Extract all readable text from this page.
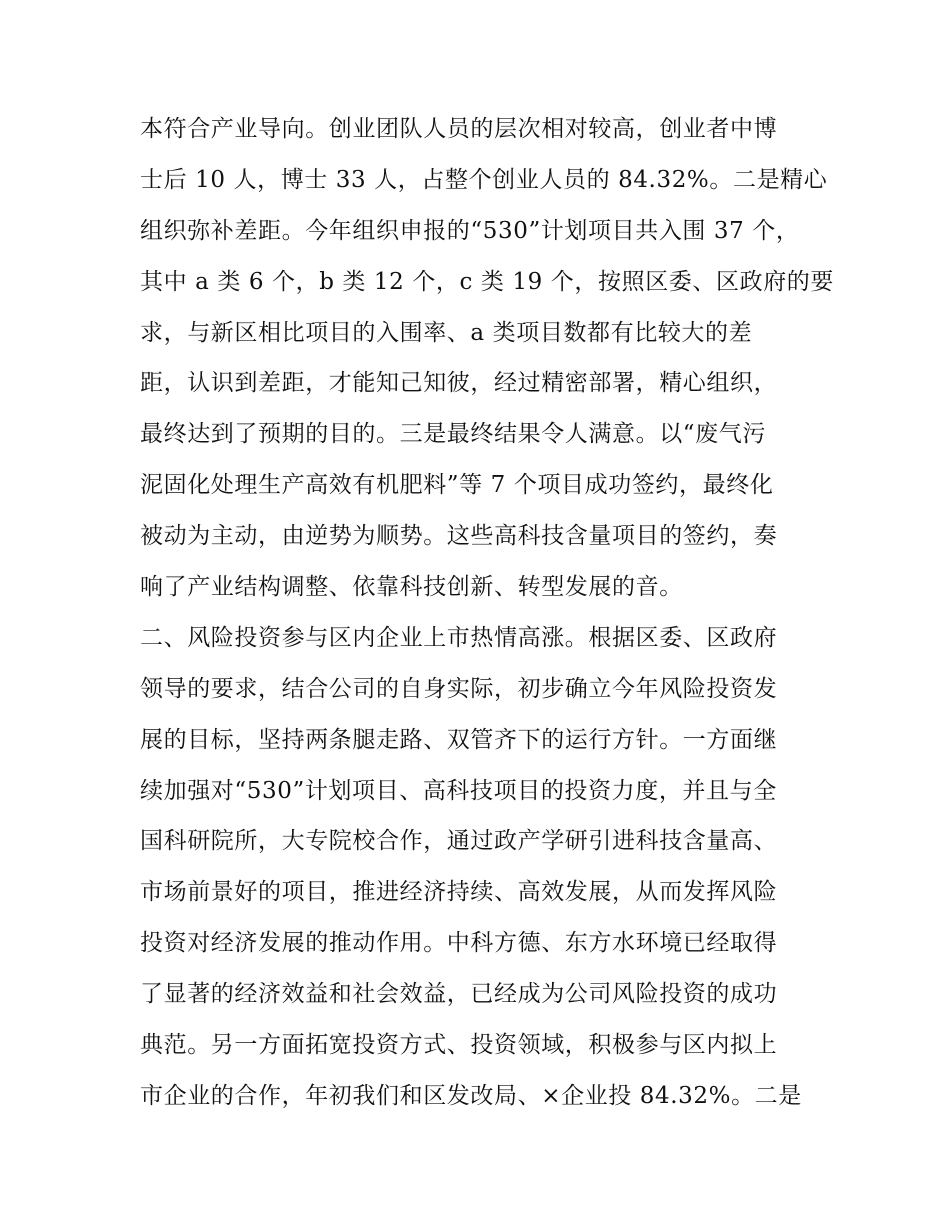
本符合产业导向。创业团队人员的层次相对较高，创业者中博
士后 10 人，博士 33 人，占整个创业人员的 84.32%。二是精心
组织弥补差距。今年组织申报的“530”计划项目共入围 37 个，
其中 a 类 6 个，b 类 12 个，c 类 19 个，按照区委、区政府的要
求，与新区相比项目的入围率、a 类项目数都有比较大的差
距，认识到差距，才能知己知彼，经过精密部署，精心组织，
最终达到了预期的目的。三是最终结果令人满意。以“废气污
泥固化处理生产高效有机肥料”等 7 个项目成功签约，最终化
被动为主动，由逆势为顺势。这些高科技含量项目的签约，奏
响了产业结构调整、依靠科技创新、转型发展的音。
二、风险投资参与区内企业上市热情高涨。根据区委、区政府
领导的要求，结合公司的自身实际，初步确立今年风险投资发
展的目标，坚持两条腿走路、双管齐下的运行方针。一方面继
续加强对“530”计划项目、高科技项目的投资力度，并且与全
国科研院所，大专院校合作，通过政产学研引进科技含量高、
市场前景好的项目，推进经济持续、高效发展，从而发挥风险
投资对经济发展的推动作用。中科方德、东方水环境已经取得
了显著的经济效益和社会效益，已经成为公司风险投资的成功
典范。另一方面拓宽投资方式、投资领域，积极参与区内拟上
市企业的合作，年初我们和区发改局、×企业投 84.32%。二是
